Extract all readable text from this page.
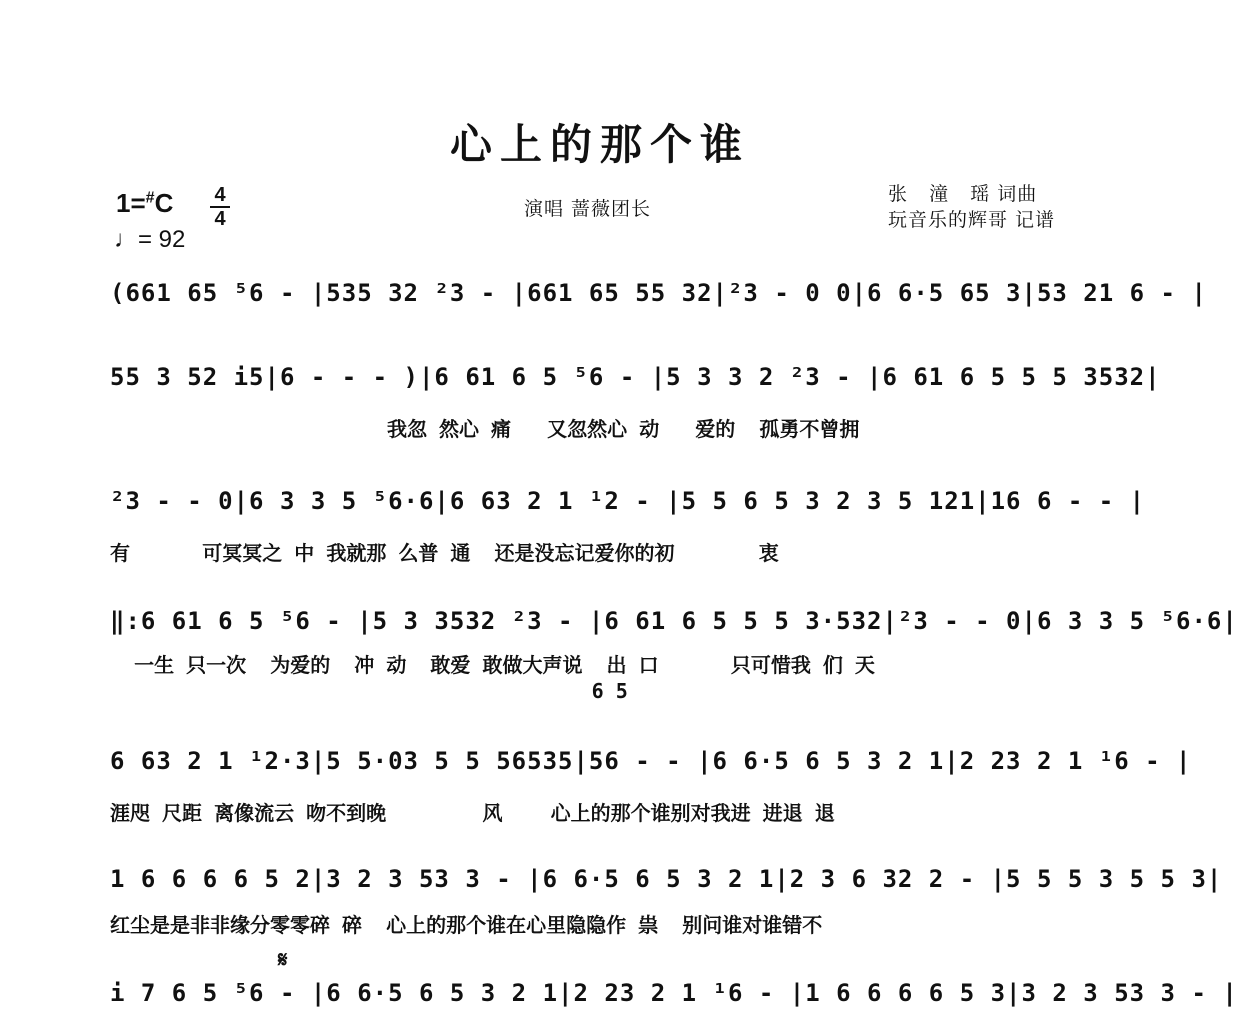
心上的那个谁
1=#C	4
4
♩= 92
演唱 蔷薇团长
张   潼   瑶 词曲
玩音乐的辉哥 记谱
𝄋
(661 65 ⁵6 - |535 32 ²3 - |661 65 55 32|²3 - 0 0|6 6·5 65 3|53 21 6 - |
55 3 52 i5|6 - - - )|6 61 6 5 ⁵6 - |5 3 3 2 ²3 - |6 61 6 5 5 5 3532|
我忽 然心 痛   又忽然心 动   爱的  孤勇不曾拥
²3 - - 0|6 3 3 5 ⁵6·6|6 63 2 1 ¹2 - |5 5 6 5 3 2 3 5 121|16 6 - - |
有      可冥冥之 中 我就那 么普 通  还是没忘记爱你的初       衷
‖:6 61 6 5 ⁵6 - |5 3 3532 ²3 - |6 61 6 5 5 5 3·532|²3 - - 0|6 3 3 5 ⁵6·6|
一生 只一次  为爱的  冲 动  敢爱 敢做大声说  出 口      只可惜我 们 天
6 5
6 63 2 1 ¹2·3|5 5·03 5 5 56535|56 - - |6 6·5 6 5 3 2 1|2 23 2 1 ¹6 - |
涯咫 尺距 离像流云 吻不到晚        风    心上的那个谁别对我进 进退 退
1 6 6 6 6 5 2|3 2 3 53 3 - |6 6·5 6 5 3 2 1|2 3 6 32 2 - |5 5 5 3 5 5 3|
红尘是是非非缘分零零碎 碎  心上的那个谁在心里隐隐作 祟  别问谁对谁错不
i 7 6 5 ⁵6 - |6 6·5 6 5 3 2 1|2 23 2 1 ¹6 - |1 6 6 6 6 5 3|3 2 3 53 3 - |
